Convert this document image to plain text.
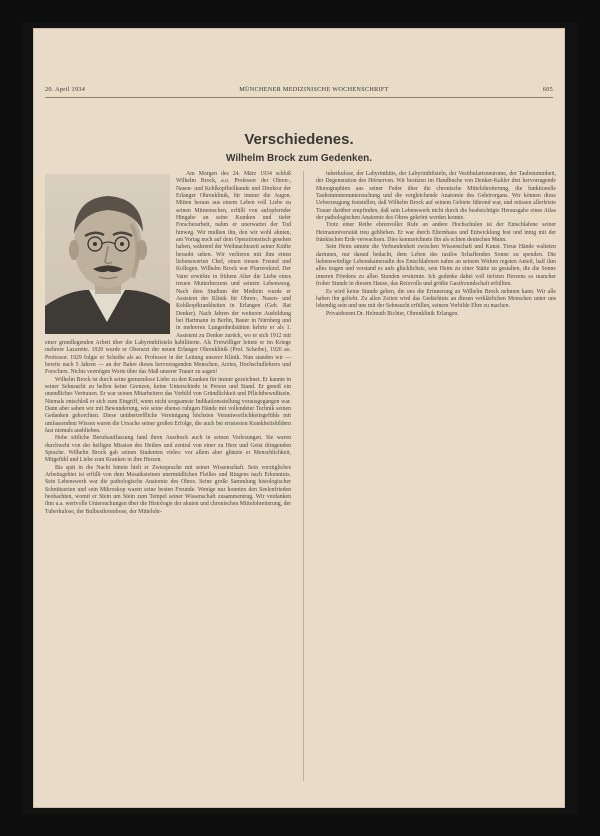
20. April 1934	MÜNCHENER MEDIZINISCHE WOCHENSCHRIFT	605
Verschiedenes.
Wilhelm Brock zum Gedenken.

Am Morgen des 24. März 1934 schloß Wilhelm Brock, a.o. Professor der Ohren-, Nasen- und Kehlkopfheilkunde und Direktor der Erlanger Ohrenklinik, für immer die Augen. Mitten heraus aus einem Leben voll Liebe zu seinen Mitmenschen, erfüllt von aufopfernder Hingabe an seine Kranken und tiefer Forscherarbeit, nahm er unerwartet der Tod hinweg. Wir mußten ihn, den wir wohl ahnten, am Vortag noch auf dem Operationstisch gesehen haben, während der Weihnachtszeit seiner Kräfte beraubt sehen. Wir verlieren mit ihm einen liebenswerten Chef, einen treuen Freund und Kollegen. Wilhelm Brock war Pfarrerskind. Der Vater erwirkte in frühem Alter die Liebe eines treuen Mutterherzens und seinem Lebensweg. Nach dem Studium der Medizin wurde er Assistent der Klinik für Ohren-, Nasen- und Kehlkopfkrankheiten in Erlangen (Geh. Rat Denker). Nach Jahren der weiteren Ausbildung bei Hartmann in Berlin, Bauer in Nürnberg und in mehreren Lungenheilstätten kehrte er als 1. Assistent zu Denker zurück, wo er sich 1912 mit einer grundlegenden Arbeit über die Labyrinthfisteln habilitierte. Als Freiwilliger leitete er im Kriege mehrere Lazarette. 1920 wurde er Oberarzt der neuen Erlanger Ohrenklinik (Prof. Scheibe), 1926 ao. Professor. 1929 folgte er Scheibe als ao. Professor in der Leitung unserer Klinik. Nun standen wir — bereits nach 5 Jahren — an der Bahre dieses hervorragenden Menschen, Arztes, Hochschullehrers und Forschers. Nichts vermögen Worte über das Maß unserer Trauer zu sagen!

Wilhelm Brock ist durch seine grenzenlose Liebe zu den Kranken für immer gezeichnet. Er kannte in seiner Sehnsucht zu helfen keine Grenzen, keine Unterschiede in Person und Stand. Er genoß ein unendliches Vertrauen. Er war seinen Mitarbeitern das Vorbild von Gründlichkeit und Pflichtbewußtsein. Niemals entschloß er sich zum Eingriff, wenn nicht sorgsamste Indikationsstellung vorausgegangen war. Dann aber sahen wir mit Bewunderung, wie seine ebenso ruhigen Hände mit vollendeter Technik seinen Gedanken gehorchten. Diese unübertreffliche Vereinigung höchsten Verantwortlichkeitsgefühls mit umfassendem Wissen waren die Ursache seiner großen Erfolge, die auch bei ernstesten Krankheitsbildern fast niemals ausblieben.

Hohe sittliche Berufsauffassung fand ihren Ausdruck auch in seinen Vorlesungen. Sie waren durchweht von der heiligen Mission des Heilers und zentral von einer zu Herz und Geist dringenden Sprache. Wilhelm Brock gab seinen Studenten vieles: vor allem aber glänzte er Menschlichkeit, Mitgefühl und Liebe zum Kranken in ihre Herzen.

Bis spät in die Nacht hinein hielt er Zwiesprache mit seiner Wissenschaft. Sein vorzügliches Arbeitsgebiet ist erfüllt von dem Mosaiksteinen unermüdlichen Fleißes und Ringens nach Erkenntnis. Sein Lebenswerk war die pathologische Anatomie des Ohres. Seine große Sammlung histologischer Schnittserien und sein Mikroskop waren seine besten Freunde. Wenige nur konnten den Seelenfrieden beobachten, womit er Stein um Stein zum Tempel seiner Wissenschaft zusammentrug. Wir verdanken ihm u.a. wertvolle Untersuchungen über die Histologie der akuten und chronischen Mittelohreiterung, der Tuberkulose, der Bulbusthrombose, der Mittelohr-

tuberkulose, der Labyrinthitis, der Labyrinthfisteln, der Vestibularisneurome, der Taubstummheit, der Degeneration des Hörnerven. Wir besitzen im Handbuche von Denker-Kahler drei hervorragende Monographien aus seiner Feder über die chronische Mittelohreiterung, die funktionelle Taubstummenuntersuchung und die vergleichende Anatomie des Gehörorgans. Wir können diese Ueberzeugung feststellen, daß Wilhelm Brock auf seinem Gebiete führend war, und müssen allerletzte Trauer darüber empfinden, daß sein Lebenswerk nicht durch die beabsichtigte Herausgabe eines Atlas der pathologischen Anatomie des Ohres gekrönt werden konnte.

Trotz einer Reihe ehrenvoller Rufe an andere Hochschulen ist der Entschlafene seiner Heimatuniversität treu geblieben. Er war durch Elternhaus und Entwicklung fest und innig mit der fränkischen Erde verwachsen. Dies kennzeichnete ihn als echten deutschen Mann.

Sein Heim atmete die Verbundenheit zwischen Wissenschaft und Kunst. Treue Hände walteten darinnen, nur darauf bedacht, dem Leben des rastlos Schaffenden Sonne zu spenden. Die liebenswürdige Lebenskameradin des Entschlafenen nahm an seinem Wirken regsten Anteil, half ihm alles tragen und verstand es aufs glücklichste, sein Heim zu einer Stätte zu gestalten, die die Sonne inneren Friedens zu allen Stunden erwärmte. Ich gedenke dabei voll tiefsten Herzens so mancher froher Stunde in diesem Hause, das Reizvolle und größte Gastfreundschaft erfüllten.

Es wird keine Stunde geben, die uns die Erinnerung an Wilhelm Brock nehmen kann. Wir alle haben ihn geliebt. Zu allen Zeiten wird das Gedächtnis an diesen verklärlichen Menschen unter uns lebendig sein und uns mit der Sehnsucht erfüllen, seinem Vorbilde Ehre zu machen.

Privatdozent Dr. Helmuth Richter, Ohrenklinik Erlangen.
